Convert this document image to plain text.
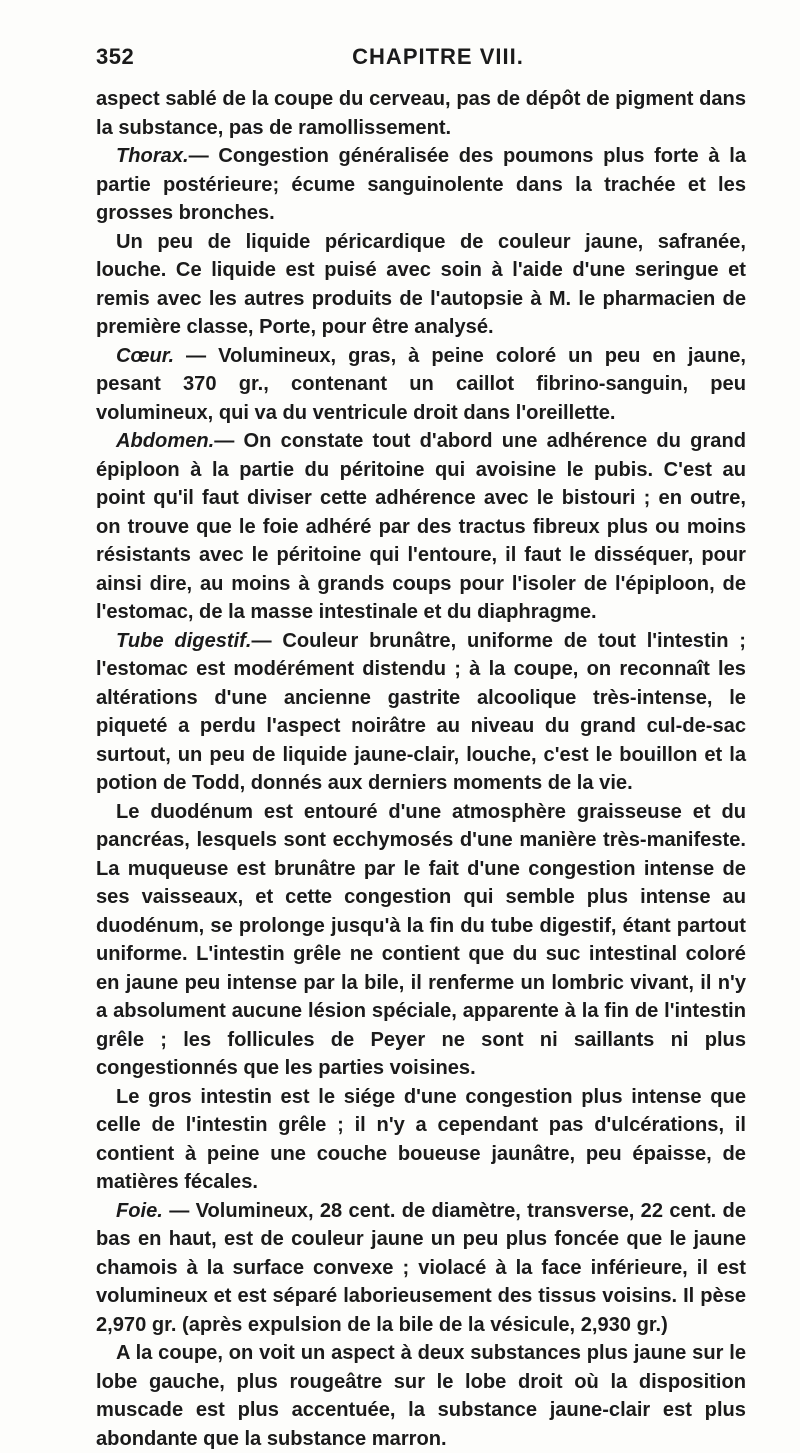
352	CHAPITRE VIII.

aspect sablé de la coupe du cerveau, pas de dépôt de pigment dans la substance, pas de ramollissement.

Thorax.— Congestion généralisée des poumons plus forte à la partie postérieure; écume sanguinolente dans la trachée et les grosses bronches.

Un peu de liquide péricardique de couleur jaune, safranée, louche. Ce liquide est puisé avec soin à l'aide d'une seringue et remis avec les autres produits de l'autopsie à M. le pharmacien de première classe, Porte, pour être analysé.

Cœur. — Volumineux, gras, à peine coloré un peu en jaune, pesant 370 gr., contenant un caillot fibrino-sanguin, peu volumineux, qui va du ventricule droit dans l'oreillette.

Abdomen.— On constate tout d'abord une adhérence du grand épiploon à la partie du péritoine qui avoisine le pubis. C'est au point qu'il faut diviser cette adhérence avec le bistouri ; en outre, on trouve que le foie adhéré par des tractus fibreux plus ou moins résistants avec le péritoine qui l'entoure, il faut le disséquer, pour ainsi dire, au moins à grands coups pour l'isoler de l'épiploon, de l'estomac, de la masse intestinale et du diaphragme.

Tube digestif.— Couleur brunâtre, uniforme de tout l'intestin ; l'estomac est modérément distendu ; à la coupe, on reconnaît les altérations d'une ancienne gastrite alcoolique très-intense, le piqueté a perdu l'aspect noirâtre au niveau du grand cul-de-sac surtout, un peu de liquide jaune-clair, louche, c'est le bouillon et la potion de Todd, donnés aux derniers moments de la vie.

Le duodénum est entouré d'une atmosphère graisseuse et du pancréas, lesquels sont ecchymosés d'une manière très-manifeste. La muqueuse est brunâtre par le fait d'une congestion intense de ses vaisseaux, et cette congestion qui semble plus intense au duodénum, se prolonge jusqu'à la fin du tube digestif, étant partout uniforme. L'intestin grêle ne contient que du suc intestinal coloré en jaune peu intense par la bile, il renferme un lombric vivant, il n'y a absolument aucune lésion spéciale, apparente à la fin de l'intestin grêle ; les follicules de Peyer ne sont ni saillants ni plus congestionnés que les parties voisines.

Le gros intestin est le siége d'une congestion plus intense que celle de l'intestin grêle ; il n'y a cependant pas d'ulcérations, il contient à peine une couche boueuse jaunâtre, peu épaisse, de matières fécales.

Foie. — Volumineux, 28 cent. de diamètre, transverse, 22 cent. de bas en haut, est de couleur jaune un peu plus foncée que le jaune chamois à la surface convexe ; violacé à la face inférieure, il est volumineux et est séparé laborieusement des tissus voisins. Il pèse 2,970 gr. (après expulsion de la bile de la vésicule, 2,930 gr.)

A la coupe, on voit un aspect à deux substances plus jaune sur le lobe gauche, plus rougeâtre sur le lobe droit où la disposition muscade est plus accentuée, la substance jaune-clair est plus abondante que la substance marron.
